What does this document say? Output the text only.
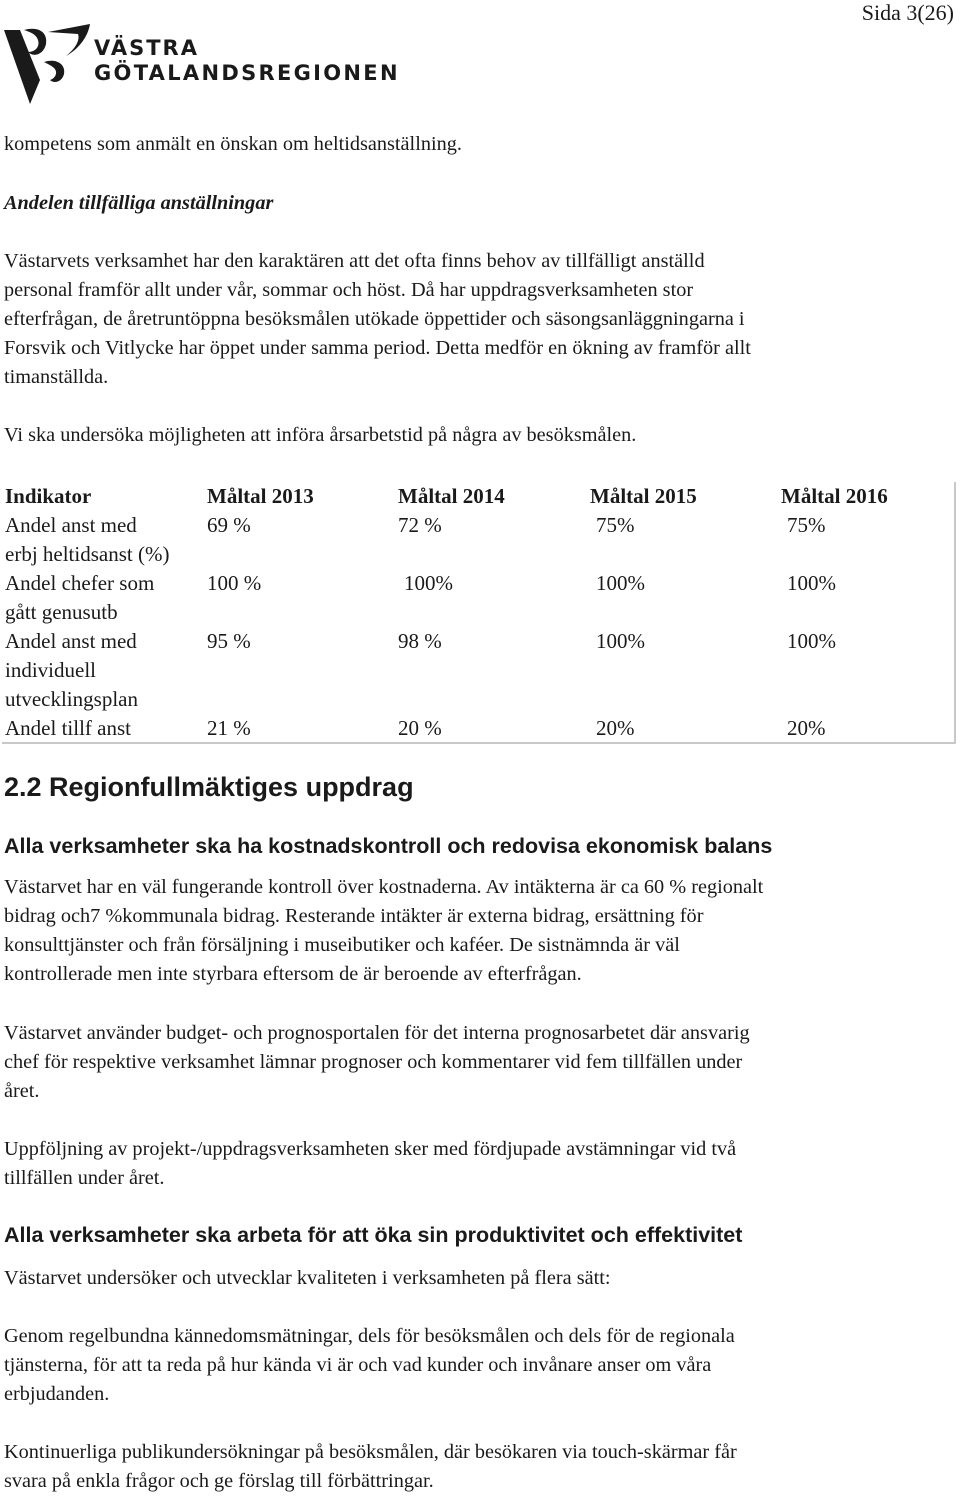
Sida 3(26)
VÄSTRA
GÖTALANDSREGIONEN
kompetens som anmält en önskan om heltidsanställning.
Andelen tillfälliga anställningar
Västarvets verksamhet har den karaktären att det ofta finns behov av tillfälligt anställd
personal framför allt under vår, sommar och höst. Då har uppdragsverksamheten stor
efterfrågan, de åretruntöppna besöksmålen utökade öppettider och säsongsanläggningarna i
Forsvik och Vitlycke har öppet under samma period. Detta medför en ökning av framför allt
timanställda.
Vi ska undersöka möjligheten att införa årsarbetstid på några av besöksmålen.
Indikator	Måltal 2013	Måltal 2014	Måltal 2015	Måltal 2016
Andel anst med
erbj heltidsanst (%)
69 %	72 %	75%	75%
Andel chefer som
gått genusutb
100 %	100%	100%	100%
Andel anst med
individuell
utvecklingsplan
95 %	98 %	100%	100%
Andel tillf anst	21 %	20 %	20%	20%
2.2 Regionfullmäktiges uppdrag
Alla verksamheter ska ha kostnadskontroll och redovisa ekonomisk balans
Västarvet har en väl fungerande kontroll över kostnaderna. Av intäkterna är ca 60 % regionalt
bidrag och7 %kommunala bidrag. Resterande intäkter är externa bidrag, ersättning för
konsulttjänster och från försäljning i museibutiker och kaféer. De sistnämnda är väl
kontrollerade men inte styrbara eftersom de är beroende av efterfrågan.
Västarvet använder budget- och prognosportalen för det interna prognosarbetet där ansvarig
chef för respektive verksamhet lämnar prognoser och kommentarer vid fem tillfällen under
året.
Uppföljning av projekt-/uppdragsverksamheten sker med fördjupade avstämningar vid två
tillfällen under året.
Alla verksamheter ska arbeta för att öka sin produktivitet och effektivitet
Västarvet undersöker och utvecklar kvaliteten i verksamheten på flera sätt:
Genom regelbundna kännedomsmätningar, dels för besöksmålen och dels för de regionala
tjänsterna, för att ta reda på hur kända vi är och vad kunder och invånare anser om våra
erbjudanden.
Kontinuerliga publikundersökningar på besöksmålen, där besökaren via touch-skärmar får
svara på enkla frågor och ge förslag till förbättringar.
